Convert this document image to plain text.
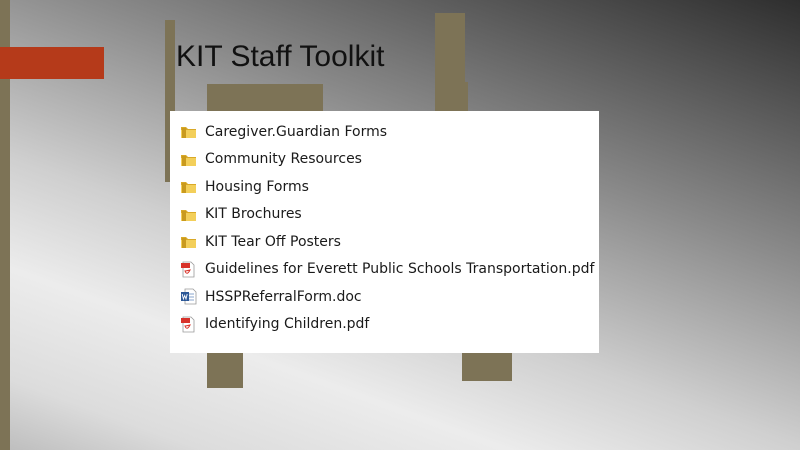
KIT Staff Toolkit
Caregiver.Guardian Forms
Community Resources
Housing Forms
KIT Brochures
KIT Tear Off Posters
Guidelines for Everett Public Schools Transportation.pdf
HSSPReferralForm.doc
Identifying Children.pdf
